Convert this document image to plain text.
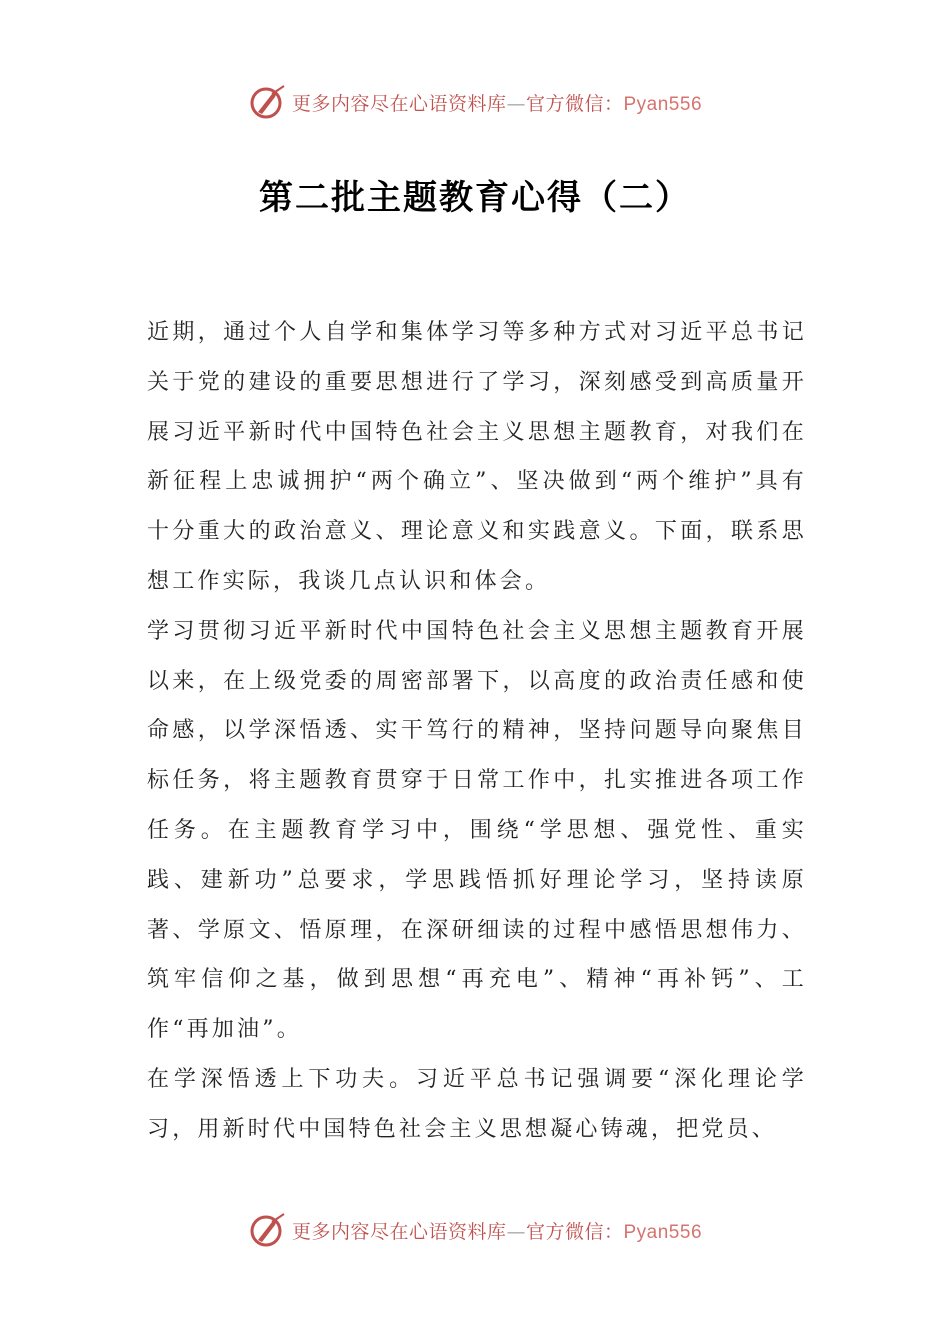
更多内容尽在心语资料库—官方微信：Pyan556
第二批主题教育心得（二）

近期，通过个人自学和集体学习等多种方式对习近平总书记关于党的建设的重要思想进行了学习，深刻感受到高质量开展习近平新时代中国特色社会主义思想主题教育，对我们在新征程上忠诚拥护“两个确立”、坚决做到“两个维护”具有十分重大的政治意义、理论意义和实践意义。下面，联系思想工作实际，我谈几点认识和体会。

学习贯彻习近平新时代中国特色社会主义思想主题教育开展以来，在上级党委的周密部署下，以高度的政治责任感和使命感，以学深悟透、实干笃行的精神，坚持问题导向聚焦目标任务，将主题教育贯穿于日常工作中，扎实推进各项工作任务。在主题教育学习中，围绕“学思想、强党性、重实践、建新功”总要求，学思践悟抓好理论学习，坚持读原著、学原文、悟原理，在深研细读的过程中感悟思想伟力、筑牢信仰之基，做到思想“再充电”、精神“再补钙”、工作“再加油”。

在学深悟透上下功夫。习近平总书记强调要“深化理论学习，用新时代中国特色社会主义思想凝心铸魂，把党员、

更多内容尽在心语资料库—官方微信：Pyan556
